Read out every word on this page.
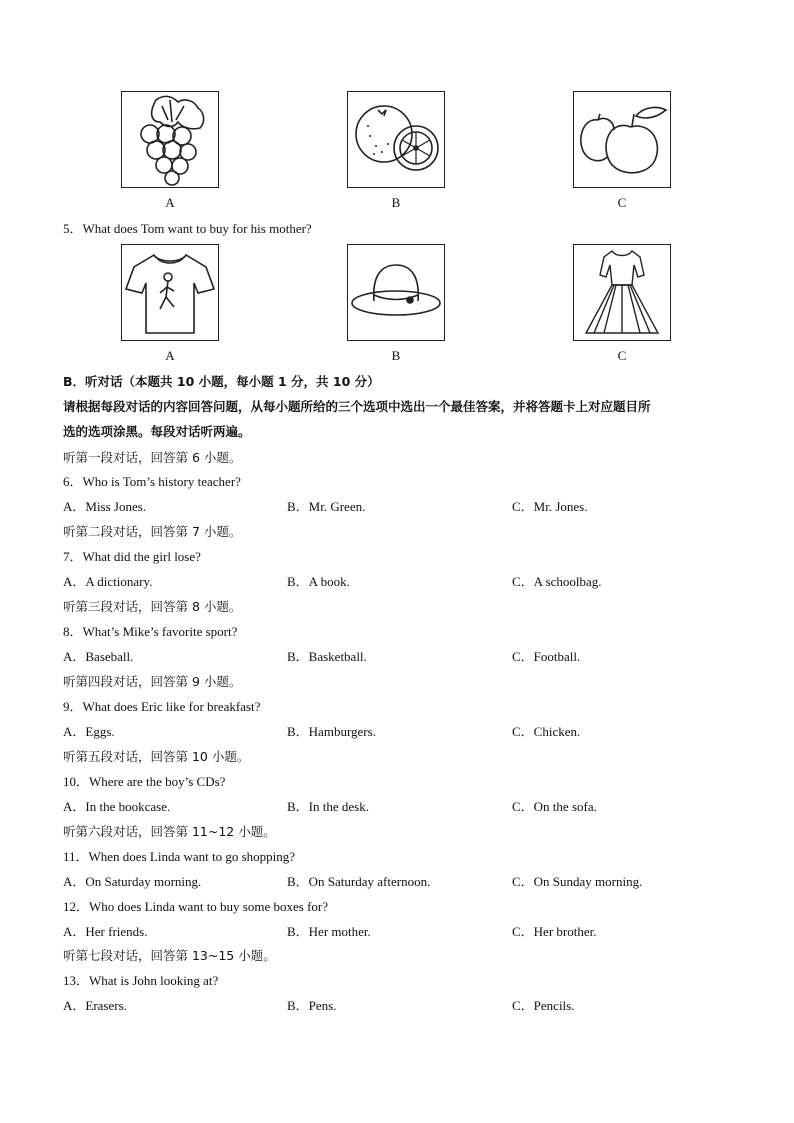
A	B	C
5．What does Tom want to buy for his mother?
A	B	C
B．听对话（本题共 10 小题，每小题 1 分，共 10 分）
请根据每段对话的内容回答问题，从每小题所给的三个选项中选出一个最佳答案，并将答题卡上对应题目所
选的选项涂黑。每段对话听两遍。
听第一段对话，回答第 6 小题。
6．Who is Tom’s history teacher?
A．Miss Jones.	B．Mr. Green.	C．Mr. Jones.
听第二段对话，回答第 7 小题。
7．What did the girl lose?
A．A dictionary.	B．A book.	C．A schoolbag.
听第三段对话，回答第 8 小题。
8．What’s Mike’s favorite sport?
A．Baseball.	B．Basketball.	C．Football.
听第四段对话，回答第 9 小题。
9．What does Eric like for breakfast?
A．Eggs.	B．Hamburgers.	C．Chicken.
听第五段对话，回答第 10 小题。
10．Where are the boy’s CDs?
A．In the bookcase.	B．In the desk.	C．On the sofa.
听第六段对话，回答第 11~12 小题。
11．When does Linda want to go shopping?
A．On Saturday morning.	B．On Saturday afternoon.	C．On Sunday morning.
12．Who does Linda want to buy some boxes for?
A．Her friends.	B．Her mother.	C．Her brother.
听第七段对话，回答第 13~15 小题。
13．What is John looking at?
A．Erasers.	B．Pens.	C．Pencils.
